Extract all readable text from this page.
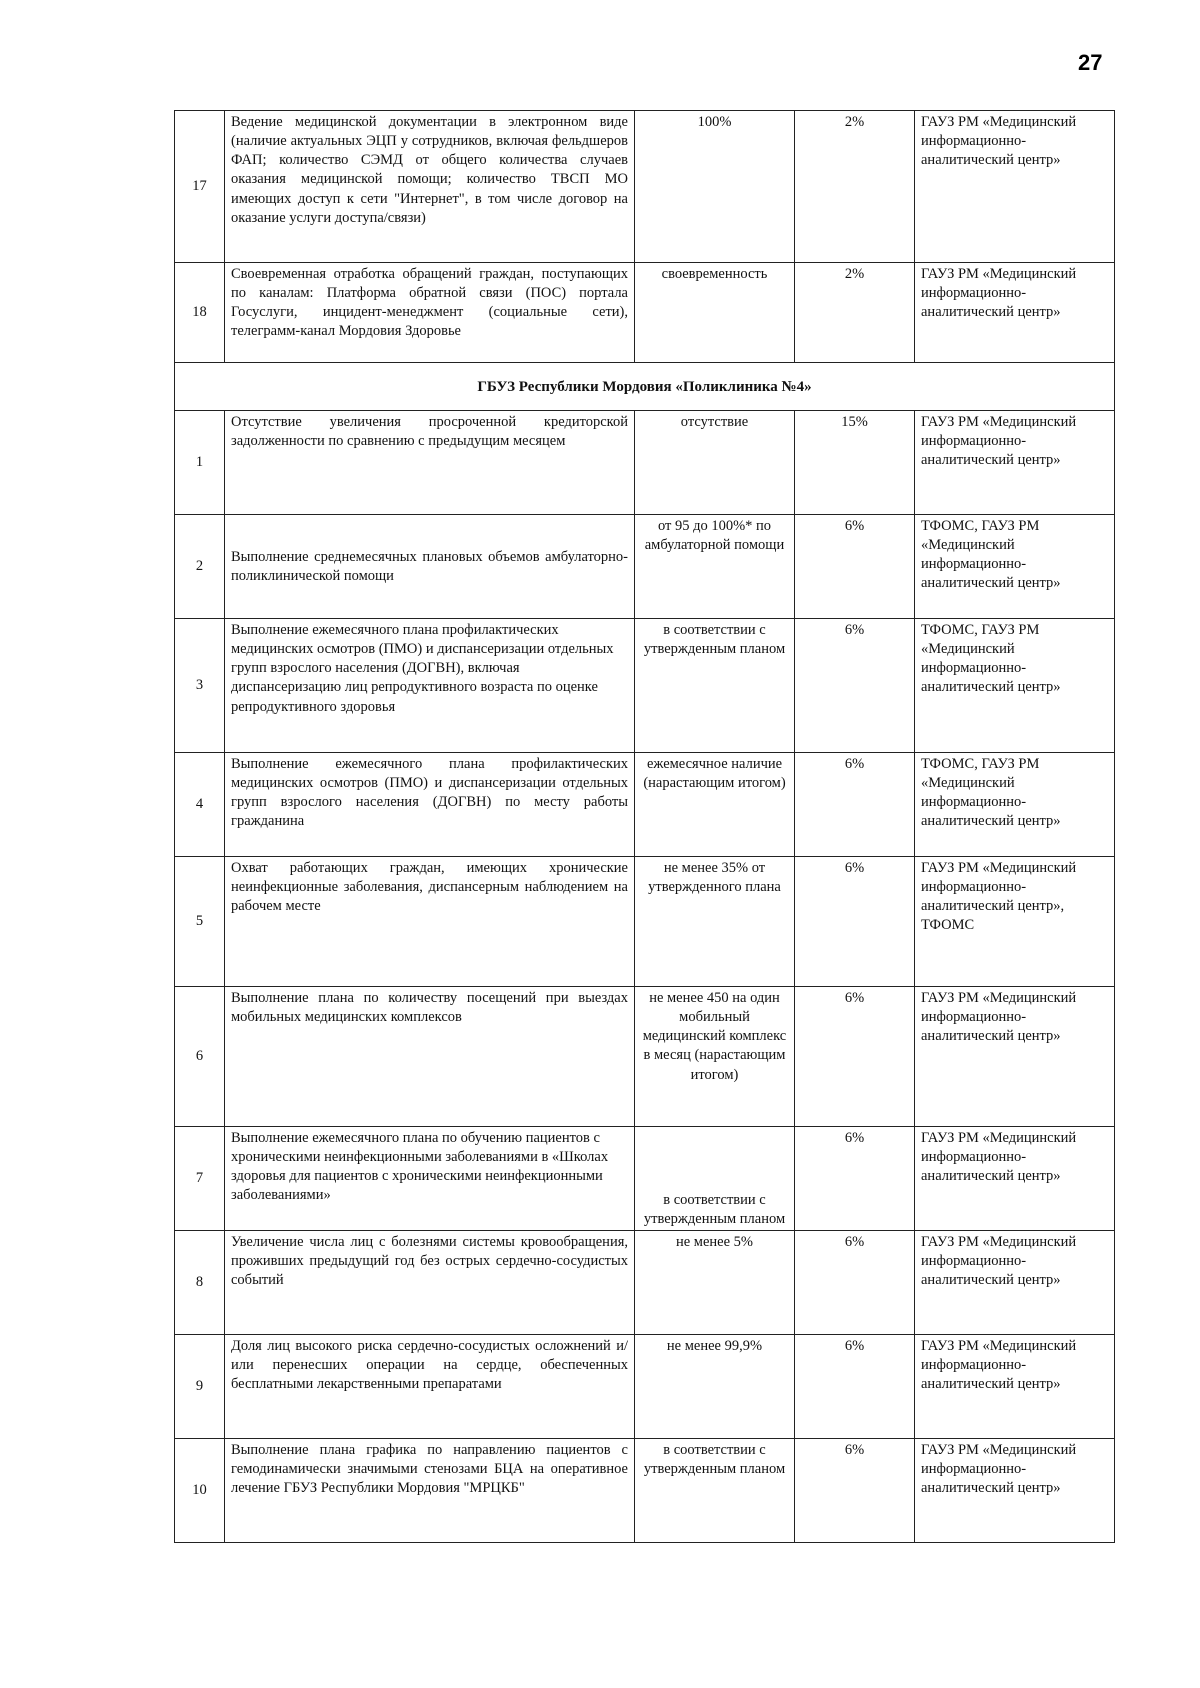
27
17	Ведение медицинской документации в электронном виде (наличие актуальных ЭЦП у сотрудников, включая фельдшеров ФАП; количество СЭМД от общего количества случаев оказания медицинской помощи; количество ТВСП МО имеющих доступ к сети "Интернет", в том числе договор на оказание услуги доступа/связи)	100%	2%	ГАУЗ РМ «Медицинский информационно-аналитический центр»
18	Своевременная отработка обращений граждан, поступающих по каналам: Платформа обратной связи (ПОС) портала Госуслуги, инцидент-менеджмент (социальные сети), телеграмм-канал Мордовия Здоровье	своевременность	2%	ГАУЗ РМ «Медицинский информационно-аналитический центр»
ГБУЗ Республики Мордовия «Поликлиника №4»				
1	Отсутствие увеличения просроченной кредиторской задолженности по сравнению с предыдущим месяцем	отсутствие	15%	ГАУЗ РМ «Медицинский информационно-аналитический центр»
2	Выполнение среднемесячных плановых объемов амбулаторно-поликлинической помощи	от 95 до 100%* по амбулаторной помощи	6%	ТФОМС, ГАУЗ РМ «Медицинский информационно-аналитический центр»
3	Выполнение ежемесячного плана профилактических медицинских осмотров (ПМО) и диспансеризации отдельных групп взрослого населения (ДОГВН), включая диспансеризацию лиц репродуктивного возраста по оценке репродуктивного здоровья	в соответствии с утвержденным планом	6%	ТФОМС, ГАУЗ РМ «Медицинский информационно-аналитический центр»
4	Выполнение ежемесячного плана профилактических медицинских осмотров (ПМО) и диспансеризации отдельных групп взрослого населения (ДОГВН) по месту работы гражданина	ежемесячное наличие (нарастающим итогом)	6%	ТФОМС, ГАУЗ РМ «Медицинский информационно-аналитический центр»
5	Охват работающих граждан, имеющих хронические неинфекционные заболевания, диспансерным наблюдением на рабочем месте	не менее 35% от утвержденного плана	6%	ГАУЗ РМ «Медицинский информационно-аналитический центр», ТФОМС
6	Выполнение плана по количеству посещений при выездах мобильных медицинских комплексов	не менее 450 на один мобильный медицинский комплекс в месяц (нарастающим итогом)	6%	ГАУЗ РМ «Медицинский информационно-аналитический центр»
7	Выполнение ежемесячного плана по обучению пациентов с хроническими неинфекционными заболеваниями в «Школах здоровья для пациентов с хроническими неинфекционными заболеваниями»	в соответствии с утвержденным планом	6%	ГАУЗ РМ «Медицинский информационно-аналитический центр»
8	Увеличение числа лиц с болезнями системы кровообращения, проживших предыдущий год без острых сердечно-сосудистых событий	не менее 5%	6%	ГАУЗ РМ «Медицинский информационно-аналитический центр»
9	Доля лиц высокого риска сердечно-сосудистых осложнений и/или перенесших операции на сердце, обеспеченных бесплатными лекарственными препаратами	не менее 99,9%	6%	ГАУЗ РМ «Медицинский информационно-аналитический центр»
10	Выполнение плана графика по направлению пациентов с гемодинамически значимыми стенозами БЦА на оперативное лечение ГБУЗ Республики Мордовия "МРЦКБ"	в соответствии с утвержденным планом	6%	ГАУЗ РМ «Медицинский информационно-аналитический центр»
